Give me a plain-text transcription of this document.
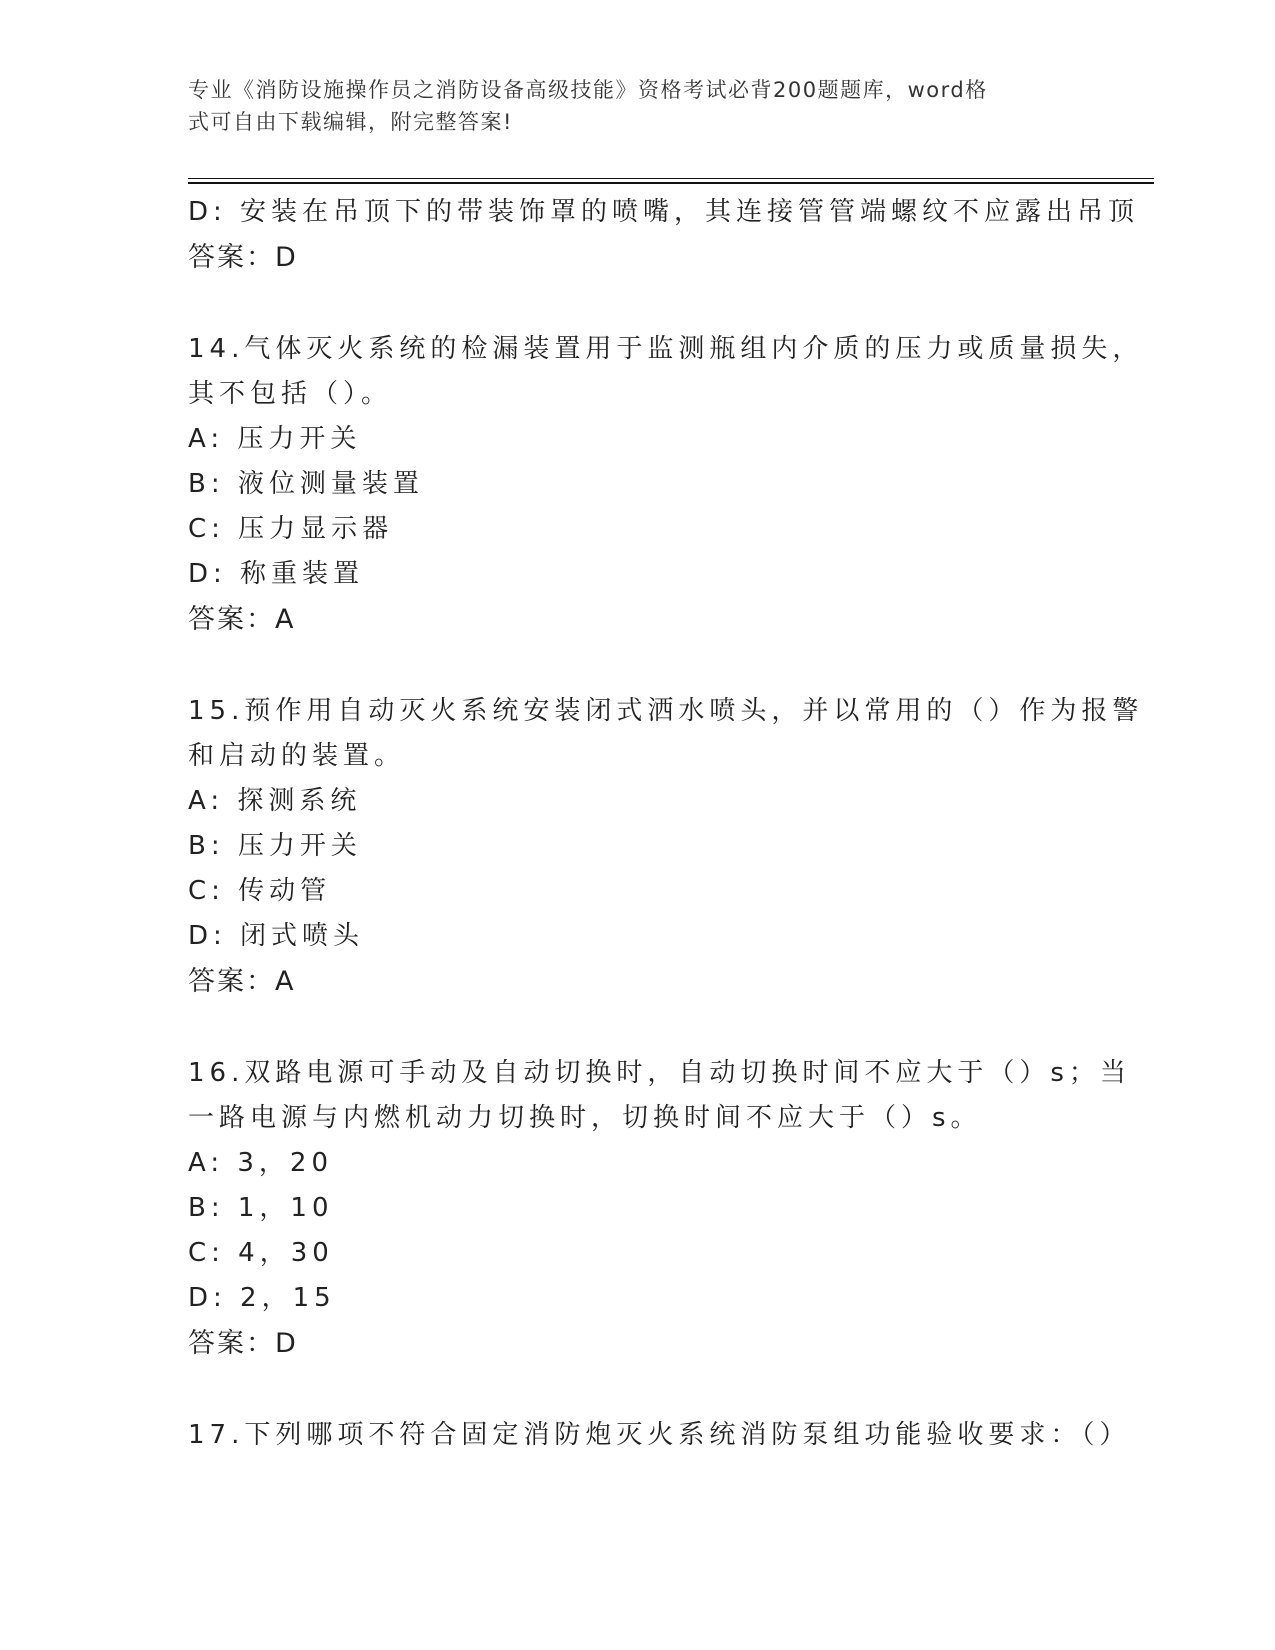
专业《消防设施操作员之消防设备高级技能》资格考试必背200题题库，word格
式可自由下载编辑，附完整答案!
D: 安装在吊顶下的带装饰罩的喷嘴，其连接管管端螺纹不应露出吊顶
答案：D
14.气体灭火系统的检漏装置用于监测瓶组内介质的压力或质量损失，
其不包括（）。
A: 压力开关
B: 液位测量装置
C: 压力显示器
D: 称重装置
答案：A
15.预作用自动灭火系统安装闭式洒水喷头，并以常用的（）作为报警
和启动的装置。
A: 探测系统
B: 压力开关
C: 传动管
D: 闭式喷头
答案：A
16.双路电源可手动及自动切换时，自动切换时间不应大于（）s；当
一路电源与内燃机动力切换时，切换时间不应大于（）s。
A: 3，20
B: 1，10
C: 4，30
D: 2，15
答案：D
17.下列哪项不符合固定消防炮灭火系统消防泵组功能验收要求：（）
